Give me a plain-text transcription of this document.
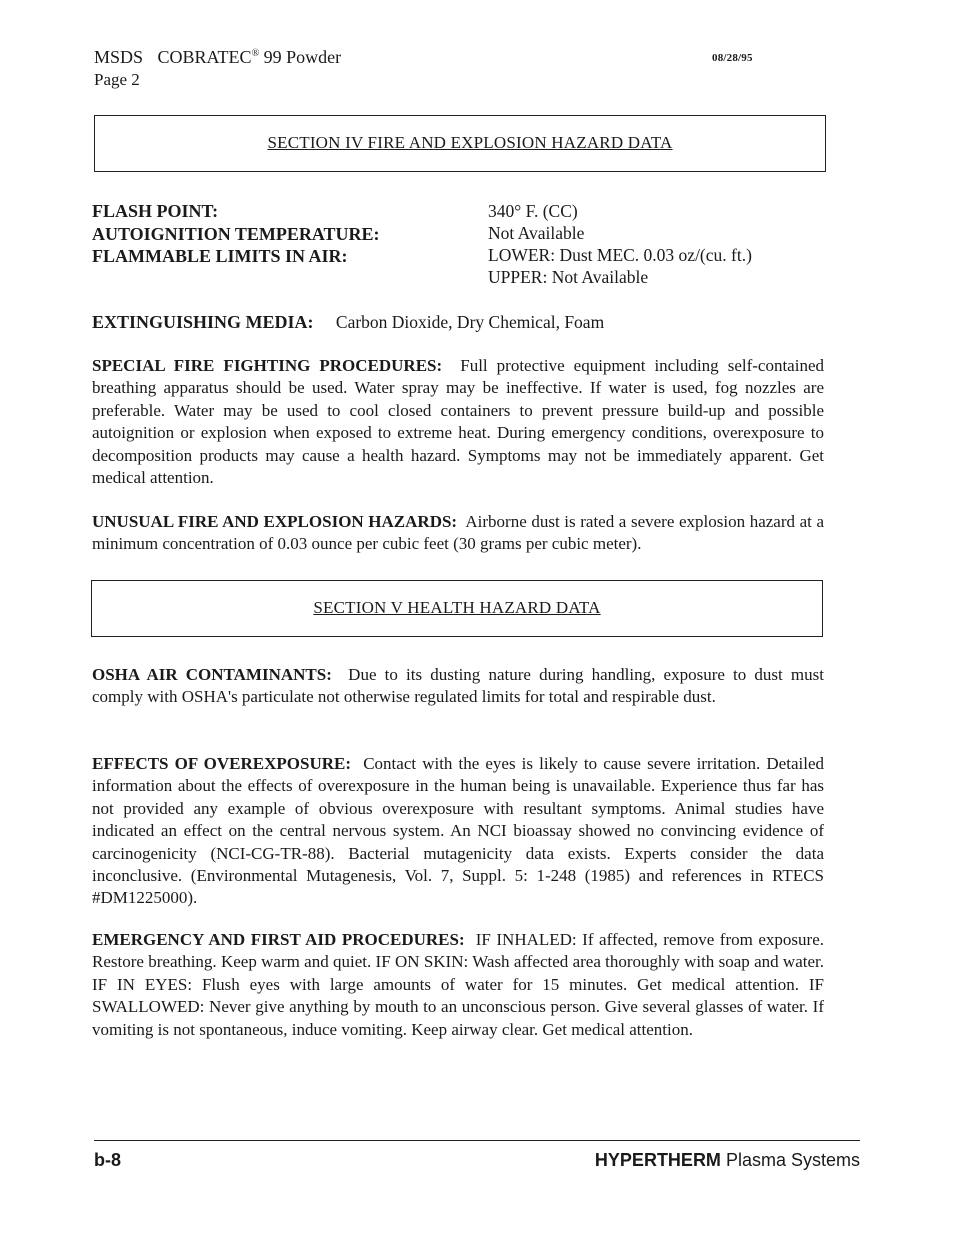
MSDS COBRATEC® 99 Powder
Page 2
08/28/95
SECTION IV FIRE AND EXPLOSION HAZARD DATA
FLASH POINT:	340° F. (CC)
AUTOIGNITION TEMPERATURE:	Not Available
FLAMMABLE LIMITS IN AIR:	LOWER: Dust MEC. 0.03 oz/(cu. ft.)
UPPER: Not Available
EXTINGUISHING MEDIA: Carbon Dioxide, Dry Chemical, Foam
SPECIAL FIRE FIGHTING PROCEDURES: Full protective equipment including self-contained breathing apparatus should be used. Water spray may be ineffective. If water is used, fog nozzles are preferable. Water may be used to cool closed containers to prevent pressure build-up and possible autoignition or explosion when exposed to extreme heat. During emergency conditions, overexposure to decomposition products may cause a health hazard. Symptoms may not be immediately apparent. Get medical attention.
UNUSUAL FIRE AND EXPLOSION HAZARDS: Airborne dust is rated a severe explosion hazard at a minimum concentration of 0.03 ounce per cubic feet (30 grams per cubic meter).
SECTION V HEALTH HAZARD DATA
OSHA AIR CONTAMINANTS: Due to its dusting nature during handling, exposure to dust must comply with OSHA's particulate not otherwise regulated limits for total and respirable dust.
EFFECTS OF OVEREXPOSURE: Contact with the eyes is likely to cause severe irritation. Detailed information about the effects of overexposure in the human being is unavailable. Experience thus far has not provided any example of obvious overexposure with resultant symptoms. Animal studies have indicated an effect on the central nervous system. An NCI bioassay showed no convincing evidence of carcinogenicity (NCI-CG-TR-88). Bacterial mutagenicity data exists. Experts consider the data inconclusive. (Environmental Mutagenesis, Vol. 7, Suppl. 5: 1-248 (1985) and references in RTECS #DM1225000).
EMERGENCY AND FIRST AID PROCEDURES: IF INHALED: If affected, remove from exposure. Restore breathing. Keep warm and quiet. IF ON SKIN: Wash affected area thoroughly with soap and water. IF IN EYES: Flush eyes with large amounts of water for 15 minutes. Get medical attention. IF SWALLOWED: Never give anything by mouth to an unconscious person. Give several glasses of water. If vomiting is not spontaneous, induce vomiting. Keep airway clear. Get medical attention.
b-8	HYPERTHERM Plasma Systems
